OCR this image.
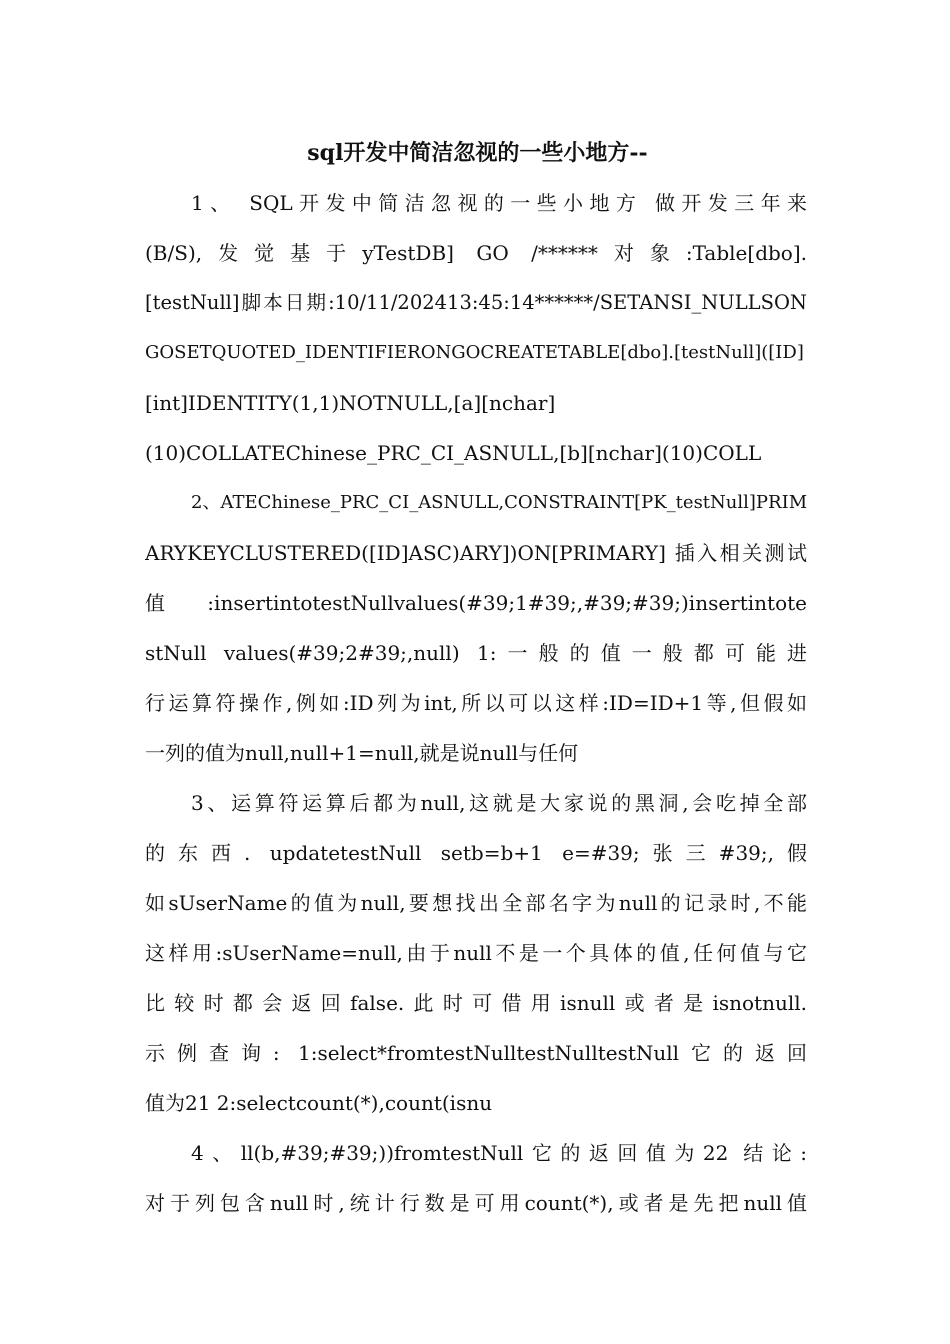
sql开发中简洁忽视的一些小地方--
1、 SQL开发中简洁忽视的一些小地方 做开发三年来
(B/S),发觉基于yTestDB] GO /******对象:Table[dbo].
[testNull]脚本日期:10/11/202413:45:14******/SETANSI_NULLSON
GOSETQUOTED_IDENTIFIERONGOCREATETABLE[dbo].[testNull]([ID]
[int]IDENTITY(1,1)NOTNULL,[a][nchar]
(10)COLLATEChinese_PRC_CI_ASNULL,[b][nchar](10)COLL
2、ATEChinese_PRC_CI_ASNULL,CONSTRAINT[PK_testNull]PRIM
ARYKEYCLUSTERED([ID]ASC)ARY])ON[PRIMARY] 插入相关测试
值:insertintotestNullvalues(#39;1#39;,#39;#39;)insertintote
stNull values(#39;2#39;,null) 1:一般的值一般都可能进
行运算符操作,例如:ID列为int,所以可以这样:ID=ID+1等,但假如
一列的值为null,null+1=null,就是说null与任何
3、运算符运算后都为null,这就是大家说的黑洞,会吃掉全部
的东西. updatetestNull setb=b+1 e=#39;张三#39;,假
如sUserName的值为null,要想找出全部名字为null的记录时,不能
这样用:sUserName=null,由于null不是一个具体的值,任何值与它
比较时都会返回false.此时可借用isnull或者是isnotnull.
示例查询: 1:select*fromtestNulltestNulltestNull它的返回
值为21 2:selectcount(*),count(isnu
4、ll(b,#39;#39;))fromtestNull它的返回值为22 结论:
对于列包含null时,统计行数是可用count(*),或者是先把null值
